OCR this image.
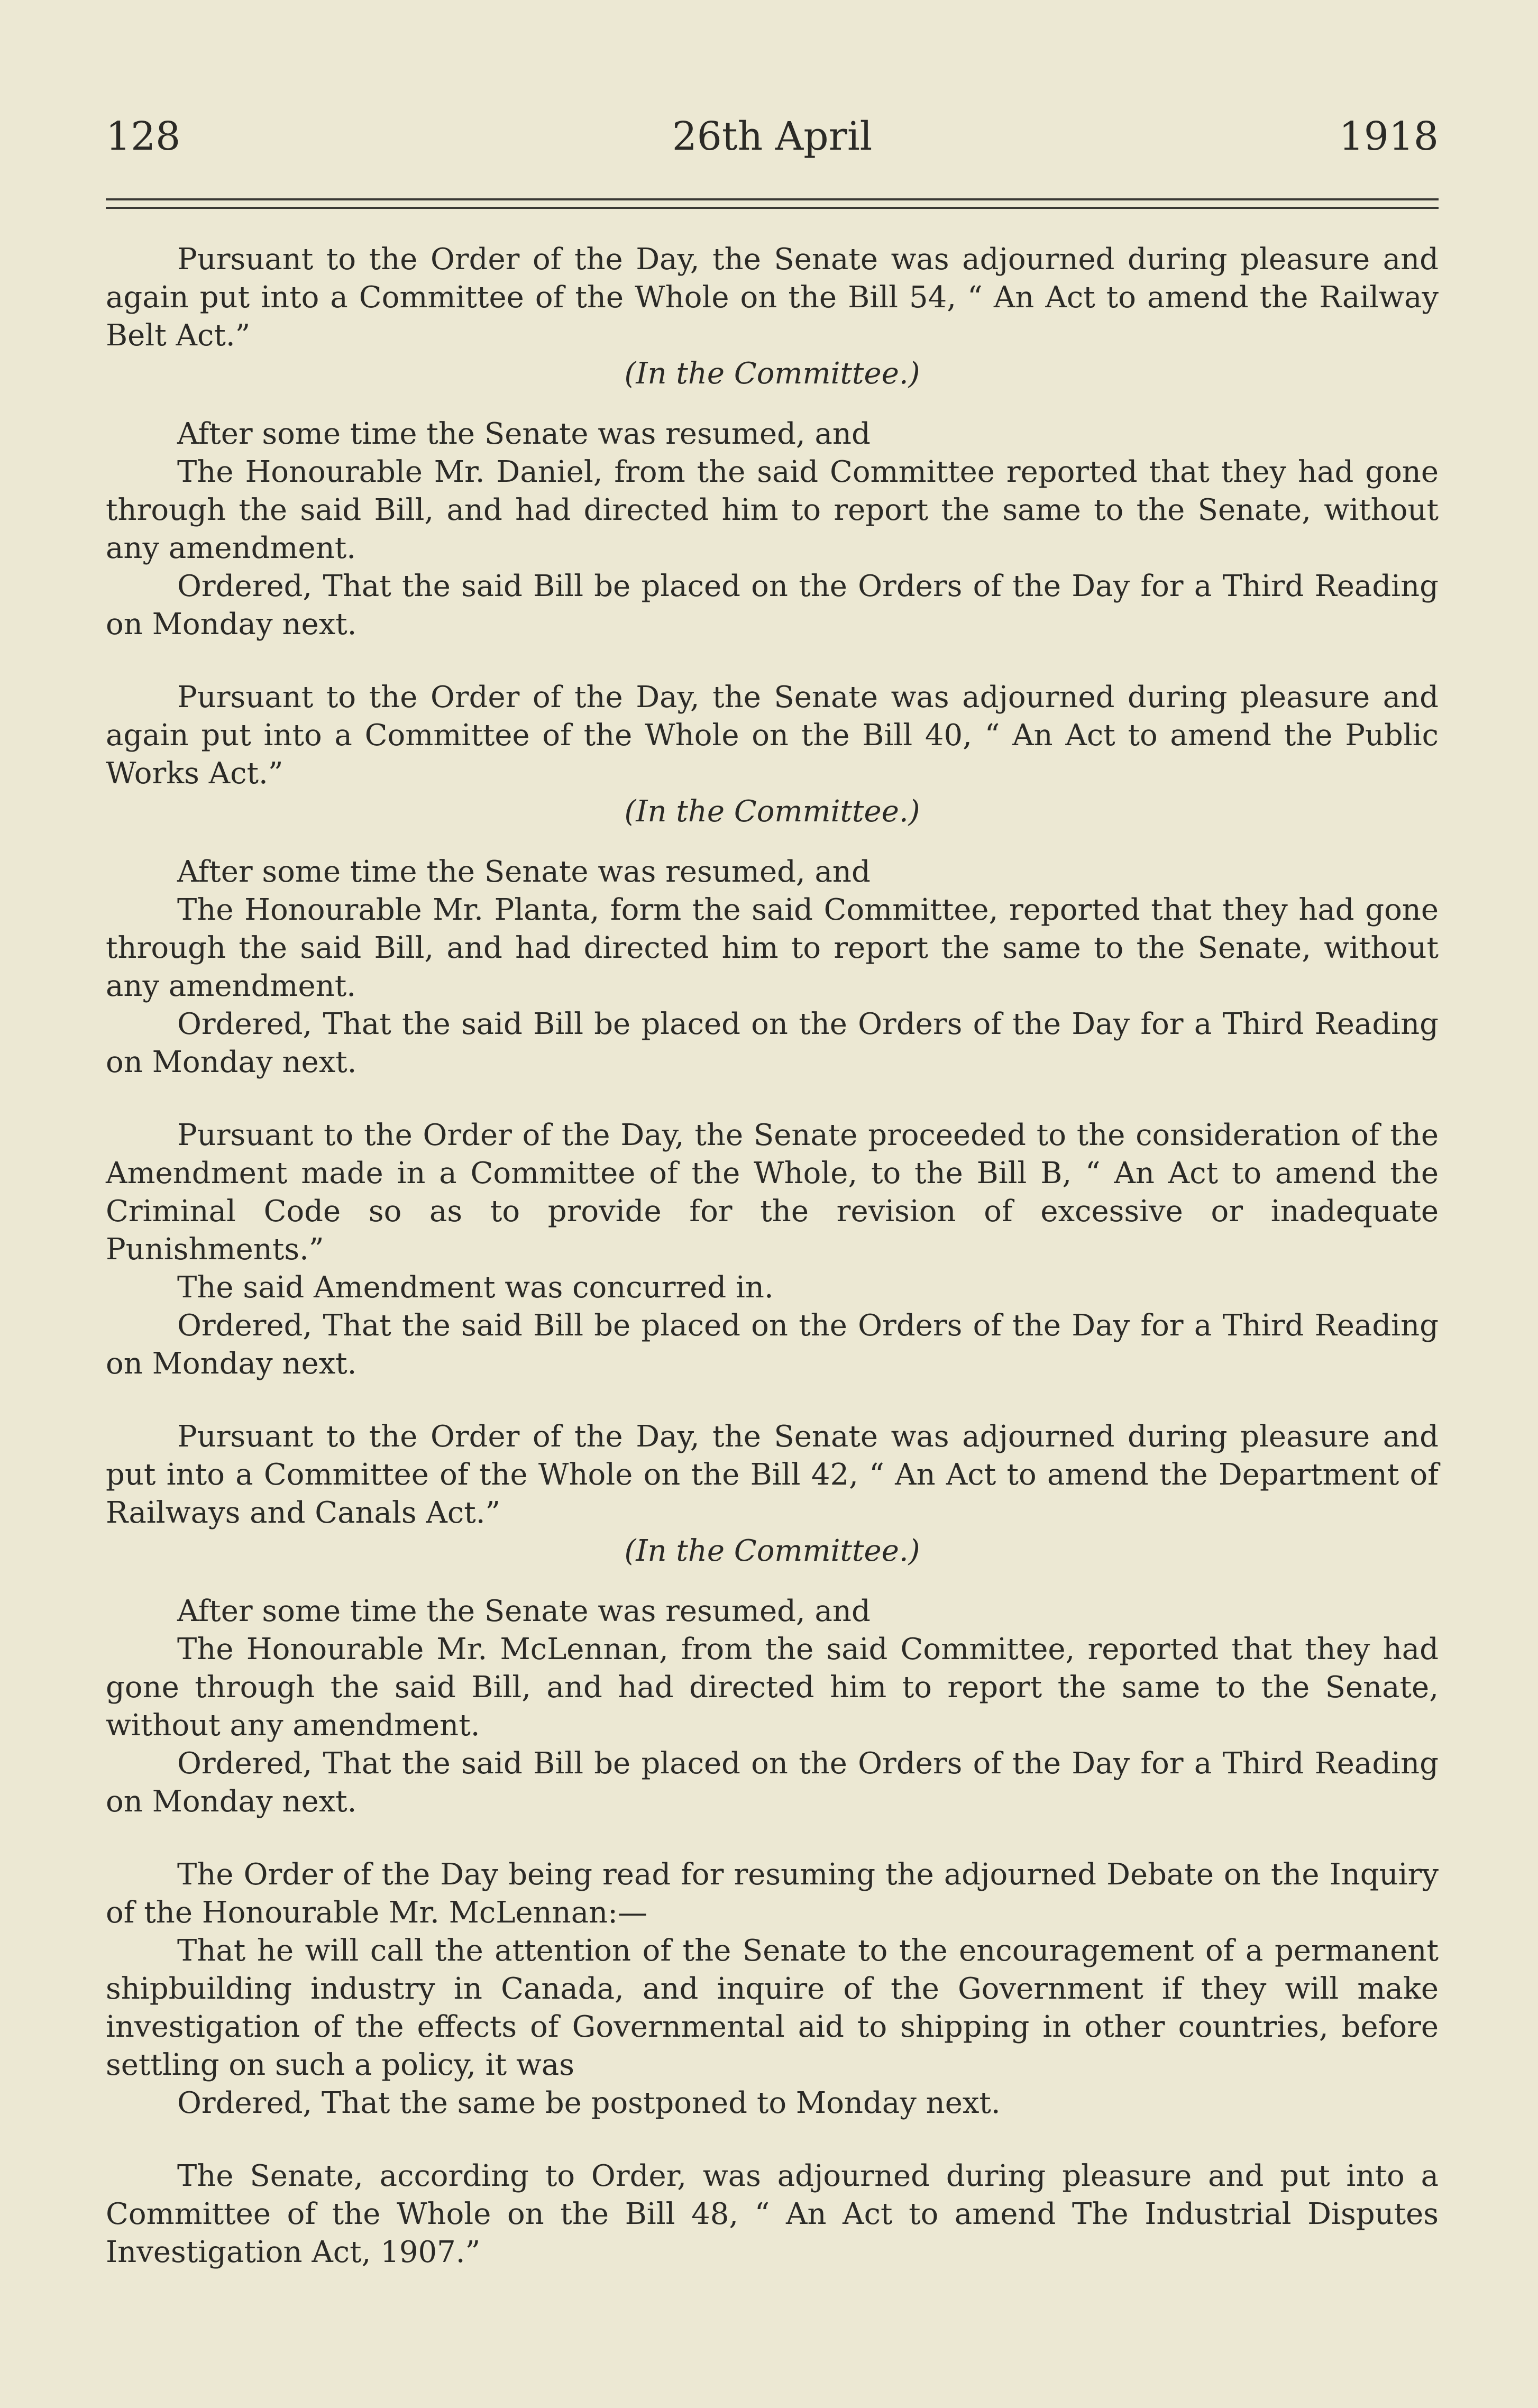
128	26th April	1918

Pursuant to the Order of the Day, the Senate was adjourned during pleasure and again put into a Committee of the Whole on the Bill 54, “ An Act to amend the Railway Belt Act.”

(In the Committee.)

After some time the Senate was resumed, and

The Honourable Mr. Daniel, from the said Committee reported that they had gone through the said Bill, and had directed him to report the same to the Senate, without any amendment.

Ordered, That the said Bill be placed on the Orders of the Day for a Third Reading on Monday next.

Pursuant to the Order of the Day, the Senate was adjourned during pleasure and again put into a Committee of the Whole on the Bill 40, “ An Act to amend the Public Works Act.”

(In the Committee.)

After some time the Senate was resumed, and

The Honourable Mr. Planta, form the said Committee, reported that they had gone through the said Bill, and had directed him to report the same to the Senate, without any amendment.

Ordered, That the said Bill be placed on the Orders of the Day for a Third Reading on Monday next.

Pursuant to the Order of the Day, the Senate proceeded to the consideration of the Amendment made in a Committee of the Whole, to the Bill B, “ An Act to amend the Criminal Code so as to provide for the revision of excessive or inadequate Punishments.”

The said Amendment was concurred in.

Ordered, That the said Bill be placed on the Orders of the Day for a Third Reading on Monday next.

Pursuant to the Order of the Day, the Senate was adjourned during pleasure and put into a Committee of the Whole on the Bill 42, “ An Act to amend the Department of Railways and Canals Act.”

(In the Committee.)

After some time the Senate was resumed, and

The Honourable Mr. McLennan, from the said Committee, reported that they had gone through the said Bill, and had directed him to report the same to the Senate, without any amendment.

Ordered, That the said Bill be placed on the Orders of the Day for a Third Reading on Monday next.

The Order of the Day being read for resuming the adjourned Debate on the Inquiry of the Honourable Mr. McLennan:—

That he will call the attention of the Senate to the encouragement of a permanent shipbuilding industry in Canada, and inquire of the Government if they will make investigation of the effects of Governmental aid to shipping in other countries, before settling on such a policy, it was

Ordered, That the same be postponed to Monday next.

The Senate, according to Order, was adjourned during pleasure and put into a Committee of the Whole on the Bill 48, “ An Act to amend The Industrial Disputes Investigation Act, 1907.”
